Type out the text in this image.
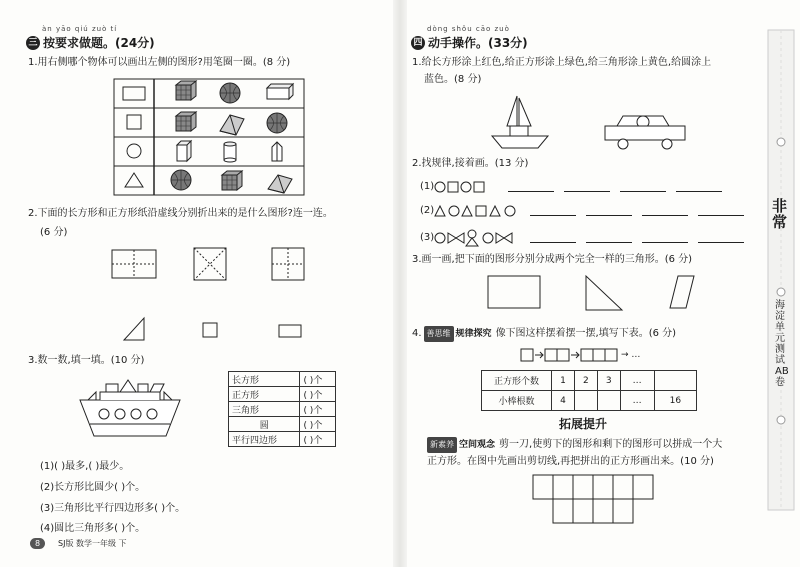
àn yāo qiú zuò tí
三 按要求做题。(24分)
1.用右侧哪个物体可以画出左侧的图形?用笔圈一圈。(8 分)
2.下面的长方形和正方形纸沿虚线分别折出来的是什么图形?连一连。
(6 分)
3.数一数,填一填。(10 分)
长方形	( )个
正方形	( )个
三角形	( )个
圆	( )个
平行四边形	( )个
(1)( )最多,( )最少。
(2)长方形比圆少( )个。
(3)三角形比平行四边形多( )个。
(4)圆比三角形多( )个。
8	SJ版 数学一年级 下
dòng shǒu cāo zuò
四 动手操作。(33分)
1.给长方形涂上红色,给正方形涂上绿色,给三角形涂上黄色,给圆涂上
蓝色。(8 分)
2.找规律,接着画。(13 分)
(1)
(2)
(3)
3.画一画,把下面的图形分别分成两个完全一样的三角形。(6 分)
4. 善思维 规律探究 像下图这样摆着摆一摆,填写下表。(6 分)
→ …
正方形个数	1	2	3	…	
小棒根数	4			…	16
拓展提升
新素养 空间观念 剪一刀,使剪下的图形和剩下的图形可以拼成一个大
正方形。在图中先画出剪切线,再把拼出的正方形画出来。(10 分)
非常
海淀单元测试AB卷
